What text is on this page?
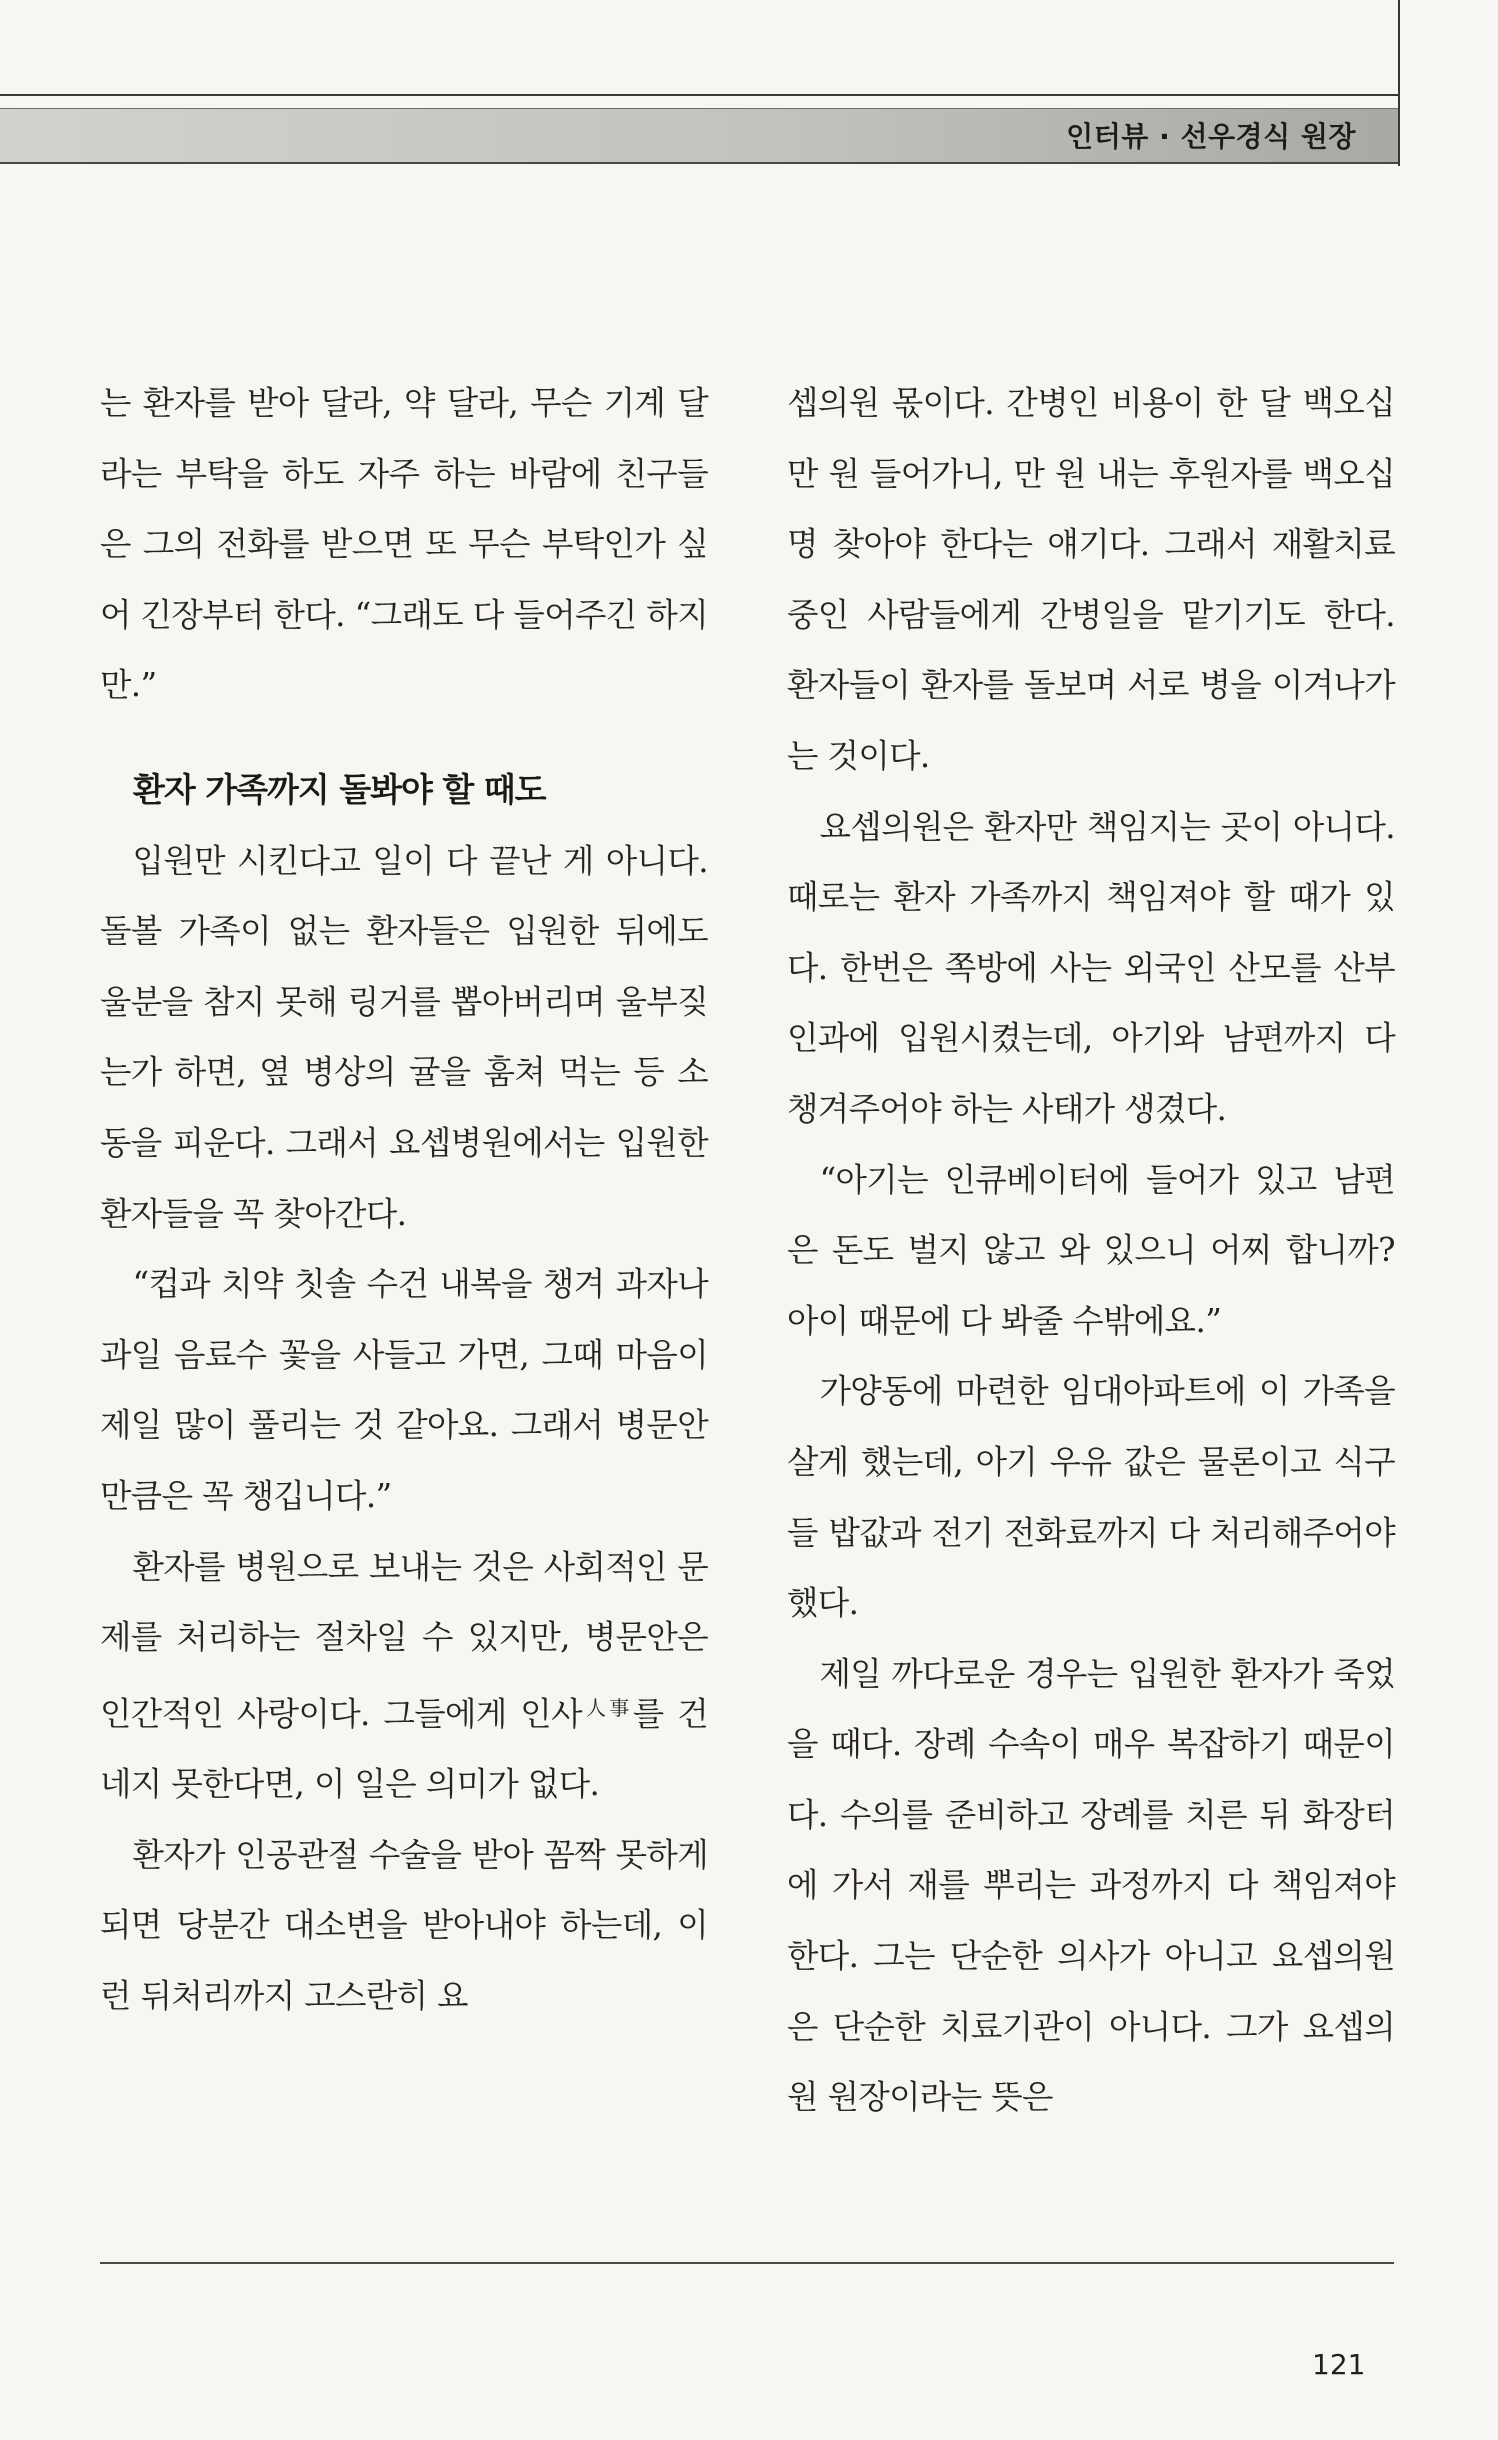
인터뷰 · 선우경식 원장

는 환자를 받아 달라, 약 달라, 무슨 기계 달라는 부탁을 하도 자주 하는 바람에 친구들은 그의 전화를 받으면 또 무슨 부탁인가 싶어 긴장부터 한다. “그래도 다 들어주긴 하지만.”

환자 가족까지 돌봐야 할 때도

입원만 시킨다고 일이 다 끝난 게 아니다. 돌볼 가족이 없는 환자들은 입원한 뒤에도 울분을 참지 못해 링거를 뽑아버리며 울부짖는가 하면, 옆 병상의 귤을 훔쳐 먹는 등 소동을 피운다. 그래서 요셉병원에서는 입원한 환자들을 꼭 찾아간다.

“컵과 치약 칫솔 수건 내복을 챙겨 과자나 과일 음료수 꽃을 사들고 가면, 그때 마음이 제일 많이 풀리는 것 같아요. 그래서 병문안만큼은 꼭 챙깁니다.”

환자를 병원으로 보내는 것은 사회적인 문제를 처리하는 절차일 수 있지만, 병문안은 인간적인 사랑이다. 그들에게 인사$^{人事}$를 건네지 못한다면, 이 일은 의미가 없다.

환자가 인공관절 수술을 받아 꼼짝 못하게 되면 당분간 대소변을 받아내야 하는데, 이런 뒤처리까지 고스란히 요

셉의원 몫이다. 간병인 비용이 한 달 백오십만 원 들어가니, 만 원 내는 후원자를 백오십 명 찾아야 한다는 얘기다. 그래서 재활치료 중인 사람들에게 간병일을 맡기기도 한다. 환자들이 환자를 돌보며 서로 병을 이겨나가는 것이다.

요셉의원은 환자만 책임지는 곳이 아니다. 때로는 환자 가족까지 책임져야 할 때가 있다. 한번은 쪽방에 사는 외국인 산모를 산부인과에 입원시켰는데, 아기와 남편까지 다 챙겨주어야 하는 사태가 생겼다.

“아기는 인큐베이터에 들어가 있고 남편은 돈도 벌지 않고 와 있으니 어찌 합니까? 아이 때문에 다 봐줄 수밖에요.”

가양동에 마련한 임대아파트에 이 가족을 살게 했는데, 아기 우유 값은 물론이고 식구들 밥값과 전기 전화료까지 다 처리해주어야 했다.

제일 까다로운 경우는 입원한 환자가 죽었을 때다. 장례 수속이 매우 복잡하기 때문이다. 수의를 준비하고 장례를 치른 뒤 화장터에 가서 재를 뿌리는 과정까지 다 책임져야 한다. 그는 단순한 의사가 아니고 요셉의원은 단순한 치료기관이 아니다. 그가 요셉의원 원장이라는 뜻은

121
